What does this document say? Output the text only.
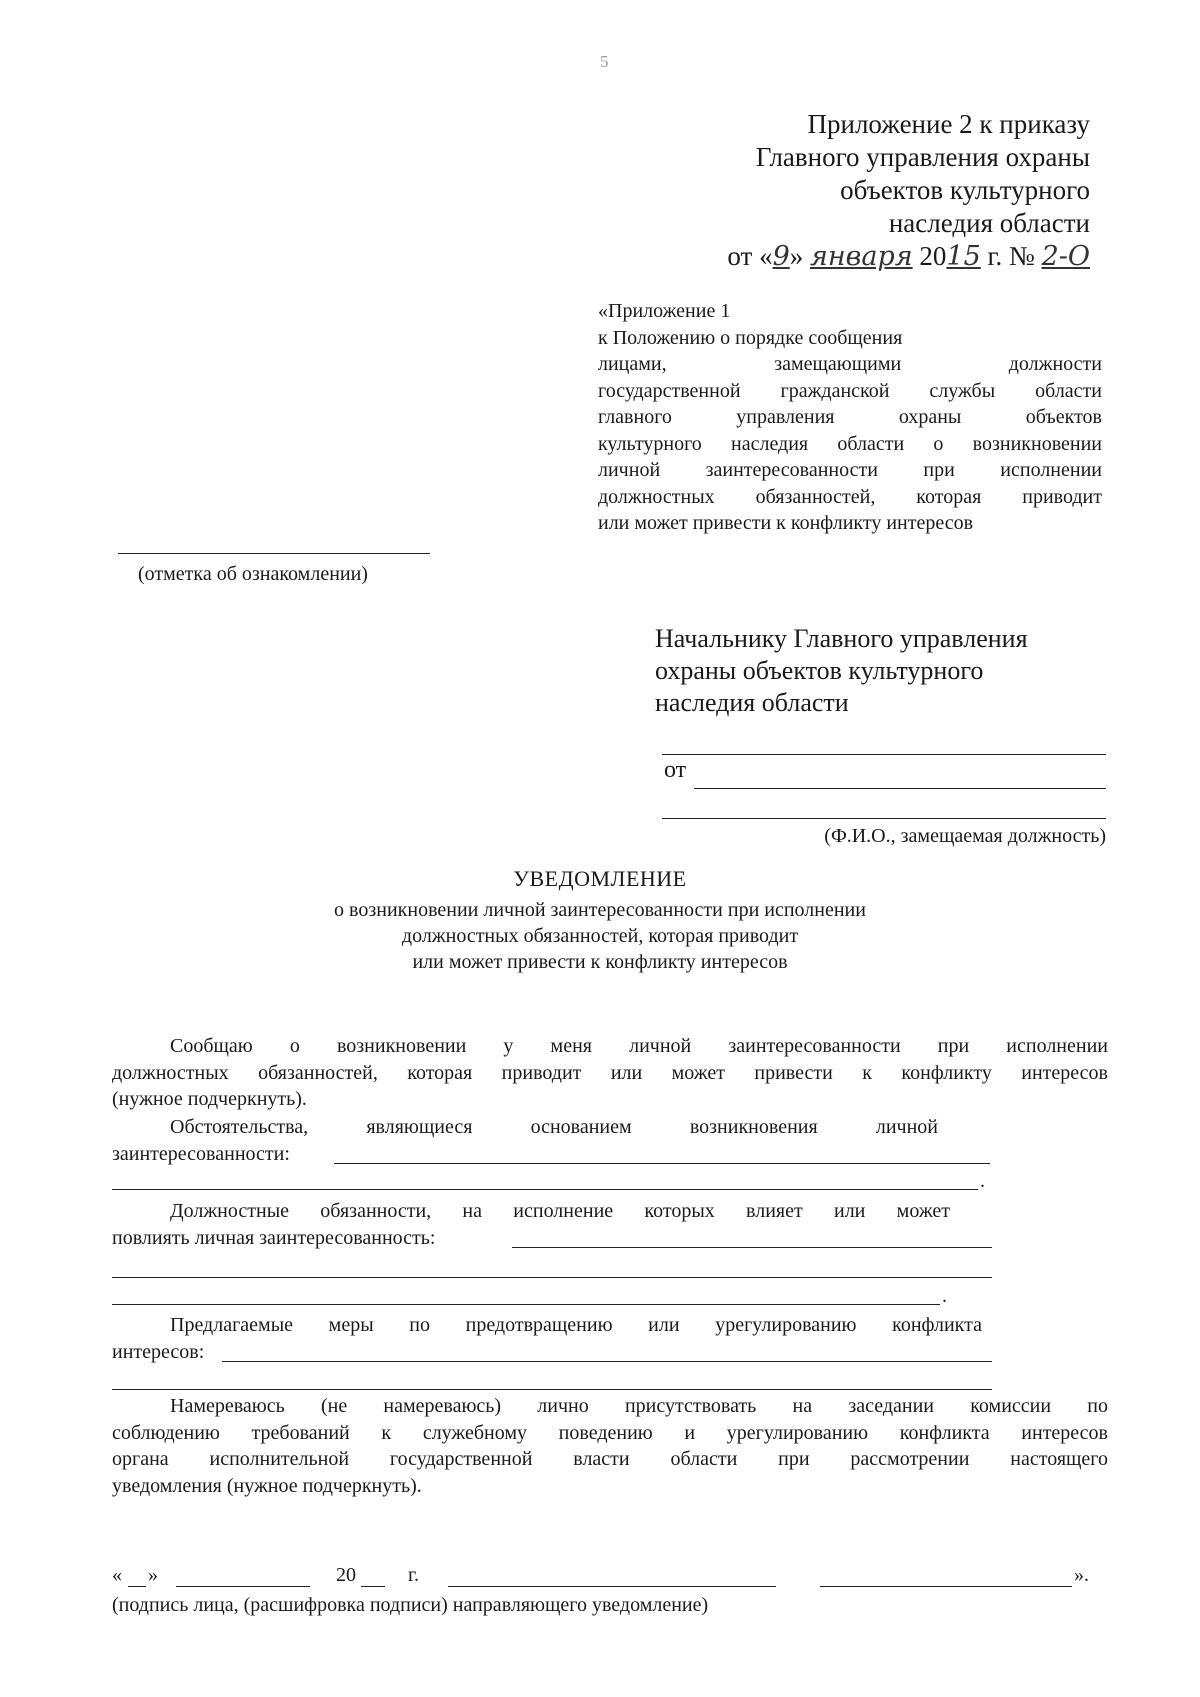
5
Приложение 2 к приказу
Главного управления охраны
объектов культурного
наследия области
от «9» января 2015 г. № 2-О
«Приложение 1
к Положению о порядке сообщения
лицами, замещающими должности
государственной гражданской службы области
главного управления охраны объектов
культурного наследия области о возникновении
личной заинтересованности при исполнении
должностных обязанностей, которая приводит
или может привести к конфликту интересов
(отметка об ознакомлении)
Начальнику Главного управления
охраны объектов культурного
наследия области
от
(Ф.И.О., замещаемая должность)
УВЕДОМЛЕНИЕ
о возникновении личной заинтересованности при исполнении
должностных обязанностей, которая приводит
или может привести к конфликту интересов
Сообщаю о возникновении у меня личной заинтересованности при исполнении
должностных обязанностей, которая приводит или может привести к конфликту интересов
(нужное подчеркнуть).
Обстоятельства, являющиеся основанием возникновения личной
заинтересованности:
.
Должностные обязанности, на исполнение которых влияет или может
повлиять личная заинтересованность:
.
Предлагаемые меры по предотвращению или урегулированию конфликта
интересов:
Намереваюсь (не намереваюсь) лично присутствовать на заседании комиссии по
соблюдению требований к служебному поведению и урегулированию конфликта интересов
органа исполнительной государственной власти области при рассмотрении настоящего
уведомления (нужное подчеркнуть).
« »	20	г.	».
(подпись лица, (расшифровка подписи) направляющего уведомление)
